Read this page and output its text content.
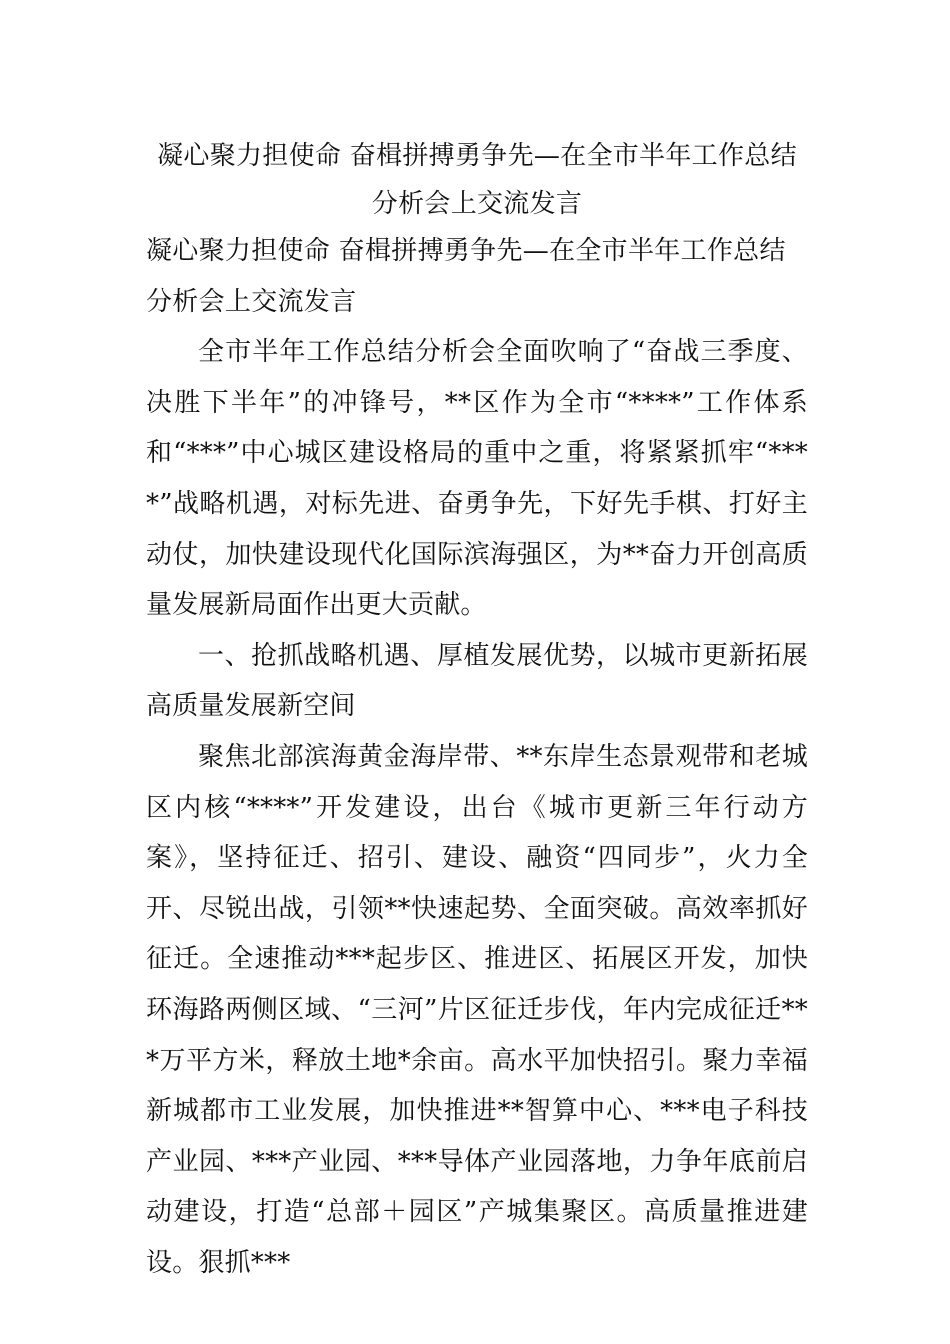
凝心聚力担使命 奋楫拼搏勇争先—在全市半年工作总结分析会上交流发言

凝心聚力担使命 奋楫拼搏勇争先—在全市半年工作总结分析会上交流发言

全市半年工作总结分析会全面吹响了“奋战三季度、决胜下半年”的冲锋号，**区作为全市“****”工作体系和“***”中心城区建设格局的重中之重，将紧紧抓牢“****”战略机遇，对标先进、奋勇争先，下好先手棋、打好主动仗，加快建设现代化国际滨海强区，为**奋力开创高质量发展新局面作出更大贡献。

一、抢抓战略机遇、厚植发展优势，以城市更新拓展高质量发展新空间

聚焦北部滨海黄金海岸带、**东岸生态景观带和老城区内核“****”开发建设，出台《城市更新三年行动方案》，坚持征迁、招引、建设、融资“四同步”，火力全开、尽锐出战，引领**快速起势、全面突破。高效率抓好征迁。全速推动***起步区、推进区、拓展区开发，加快环海路两侧区域、“三河”片区征迁步伐，年内完成征迁***万平方米，释放土地*余亩。高水平加快招引。聚力幸福新城都市工业发展，加快推进**智算中心、***电子科技产业园、***产业园、***导体产业园落地，力争年底前启动建设，打造“总部＋园区”产城集聚区。高质量推进建设。狠抓***
